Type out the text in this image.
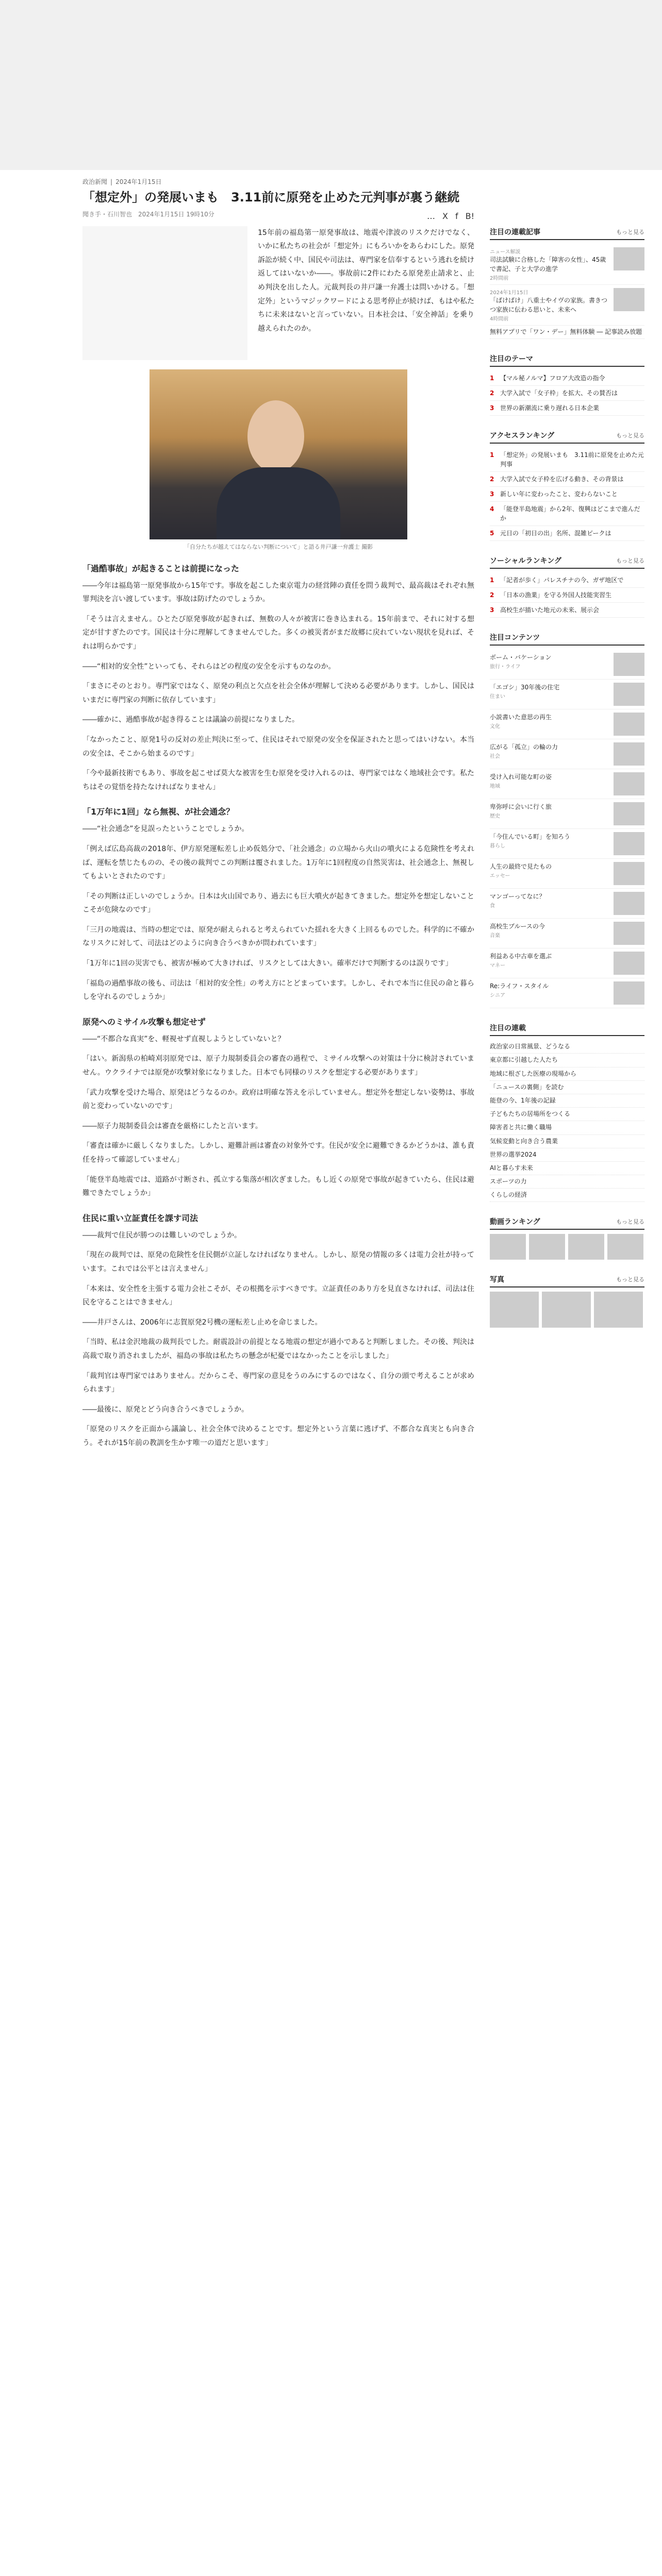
政治新聞 | 2024年1月15日
「想定外」の発展いまも　3.11前に原発を止めた元判事が裏う継続
聞き手・石川智也　2024年1月15日 19時10分	… X f B!

15年前の福島第一原発事故は、地震や津波のリスクだけでなく、いかに私たちの社会が「想定外」にもろいかをあらわにした。原発訴訟が続く中、国民や司法は、専門家を信奉するという逃れを続け返してはいないか――。事故前に2件にわたる原発差止請求と、止め判決を出した人。元裁判長の井戸謙一弁護士は問いかける。「想定外」というマジックワードによる思考停止が続けば、もはや私たちに未来はないと言っていない。日本社会は、「安全神話」を乗り越えられたのか。

「自分たちが越えてはならない判断について」と語る井戸謙一弁護士 撮影
「過酷事故」が起きることは前提になった

――今年は福島第一原発事故から15年です。事故を起こした東京電力の経営陣の責任を問う裁判で、最高裁はそれぞれ無罪判決を言い渡しています。事故は防げたのでしょうか。

「そうは言えません。ひとたび原発事故が起きれば、無数の人々が被害に巻き込まれる。15年前まで、それに対する想定が甘すぎたのです。国民は十分に理解してきませんでした。多くの被災者がまだ故郷に戻れていない現状を見れば、それは明らかです」

――“相対的安全性”といっても、それらはどの程度の安全を示すものなのか。

「まさにそのとおり。専門家ではなく、原発の利点と欠点を社会全体が理解して決める必要があります。しかし、国民はいまだに専門家の判断に依存しています」

――確かに、過酷事故が起き得ることは議論の前提になりました。

「なかったこと、原発1号の反対の差止判決に至って、住民はそれで原発の安全を保証されたと思ってはいけない。本当の安全は、そこから始まるのです」

「今や最新技術でもあり、事故を起こせば莫大な被害を生む原発を受け入れるのは、専門家ではなく地域社会です。私たちはその覚悟を持たなければなりません」

「1万年に1回」なら無視、が社会通念？

――“社会通念”を見誤ったということでしょうか。

「例えば広島高裁の2018年、伊方原発運転差し止め仮処分で、「社会通念」の立場から火山の噴火による危険性を考えれば、運転を禁じたものの、その後の裁判でこの判断は覆されました。1万年に1回程度の自然災害は、社会通念上、無視してもよいとされたのです」

「その判断は正しいのでしょうか。日本は火山国であり、過去にも巨大噴火が起きてきました。想定外を想定しないことこそが危険なのです」

「三月の地震は、当時の想定では、原発が耐えられると考えられていた揺れを大きく上回るものでした。科学的に不確かなリスクに対して、司法はどのように向き合うべきかが問われています」

「1万年に1回の災害でも、被害が極めて大きければ、リスクとしては大きい。確率だけで判断するのは誤りです」

「福島の過酷事故の後も、司法は「相対的安全性」の考え方にとどまっています。しかし、それで本当に住民の命と暮らしを守れるのでしょうか」

原発へのミサイル攻撃も想定せず

――“不都合な真実”を、軽視せず直視しようとしていないと？

「はい。新潟県の柏崎刈羽原発では、原子力規制委員会の審査の過程で、ミサイル攻撃への対策は十分に検討されていません。ウクライナでは原発が攻撃対象になりました。日本でも同様のリスクを想定する必要があります」

「武力攻撃を受けた場合、原発はどうなるのか。政府は明確な答えを示していません。想定外を想定しない姿勢は、事故前と変わっていないのです」

――原子力規制委員会は審査を厳格にしたと言います。

「審査は確かに厳しくなりました。しかし、避難計画は審査の対象外です。住民が安全に避難できるかどうかは、誰も責任を持って確認していません」

「能登半島地震では、道路が寸断され、孤立する集落が相次ぎました。もし近くの原発で事故が起きていたら、住民は避難できたでしょうか」

住民に重い立証責任を課す司法

――裁判で住民が勝つのは難しいのでしょうか。

「現在の裁判では、原発の危険性を住民側が立証しなければなりません。しかし、原発の情報の多くは電力会社が持っています。これでは公平とは言えません」

「本来は、安全性を主張する電力会社こそが、その根拠を示すべきです。立証責任のあり方を見直さなければ、司法は住民を守ることはできません」

――井戸さんは、2006年に志賀原発2号機の運転差し止めを命じました。

「当時、私は金沢地裁の裁判長でした。耐震設計の前提となる地震の想定が過小であると判断しました。その後、判決は高裁で取り消されましたが、福島の事故は私たちの懸念が杞憂ではなかったことを示しました」

「裁判官は専門家ではありません。だからこそ、専門家の意見をうのみにするのではなく、自分の頭で考えることが求められます」

――最後に、原発とどう向き合うべきでしょうか。

「原発のリスクを正面から議論し、社会全体で決めることです。想定外という言葉に逃げず、不都合な真実とも向き合う。それが15年前の教訓を生かす唯一の道だと思います」

注目の連載記事	もっと見る
ニュース解説
司法試験に合格した「障害の女性」、45歳で書記、子と大学の進学
2時間前
2024年1月15日
「ばけばけ」八重士やイヴの家族。書きつつ家族に伝わる思いと、未来へ
4時間前
無料アプリで「ワン・デー」無料体験 ― 記事読み放題
注目のテーマ
1 【マル秘ノルマ】フロア大改造の指令
2 大学入試で「女子枠」を拡大、その賛否は
3 世界の新潮流に乗り遅れる日本企業
アクセスランキング	もっと見る
1 「想定外」の発展いまも　3.11前に原発を止めた元判事
2 大学入試で女子枠を広げる動き、その背景は
3 新しい年に変わったこと、変わらないこと
4 「能登半島地震」から2年、復興はどこまで進んだか
5 元日の「初日の出」名所、混雑ピークは
ソーシャルランキング	もっと見る
1 「記者が歩く」パレスチナの今、ガザ地区で
2 「日本の漁業」を守る外国人技能実習生
3 高校生が描いた地元の未来、展示会
注目コンテンツ
ボーム・バケーション
旅行・ライフ
「エゴシ」30年後の住宅
住まい
小説書いた意思の再生
文化
広がる「孤立」の輪の力
社会
受け入れ可能な町の姿
地域
卑弥呼に会いに行く旅
歴史
「今住んでいる町」を知ろう
暮らし
人生の最終で見たもの
エッセー
マンゴーってなに？
食
高校生ブルースの今
音楽
利益ある中古車を選ぶ
マネー
Re:ライフ・スタイル
シニア
注目の連載
政治家の日常風景、どうなる
東京都に引越した人たち
地域に根ざした医療の現場から
「ニュースの裏側」を読む
能登の今、1年後の記録
子どもたちの居場所をつくる
障害者と共に働く職場
気候変動と向き合う農業
世界の選挙2024
AIと暮らす未来
スポーツの力
くらしの経済
動画ランキング	もっと見る
写真	もっと見る
